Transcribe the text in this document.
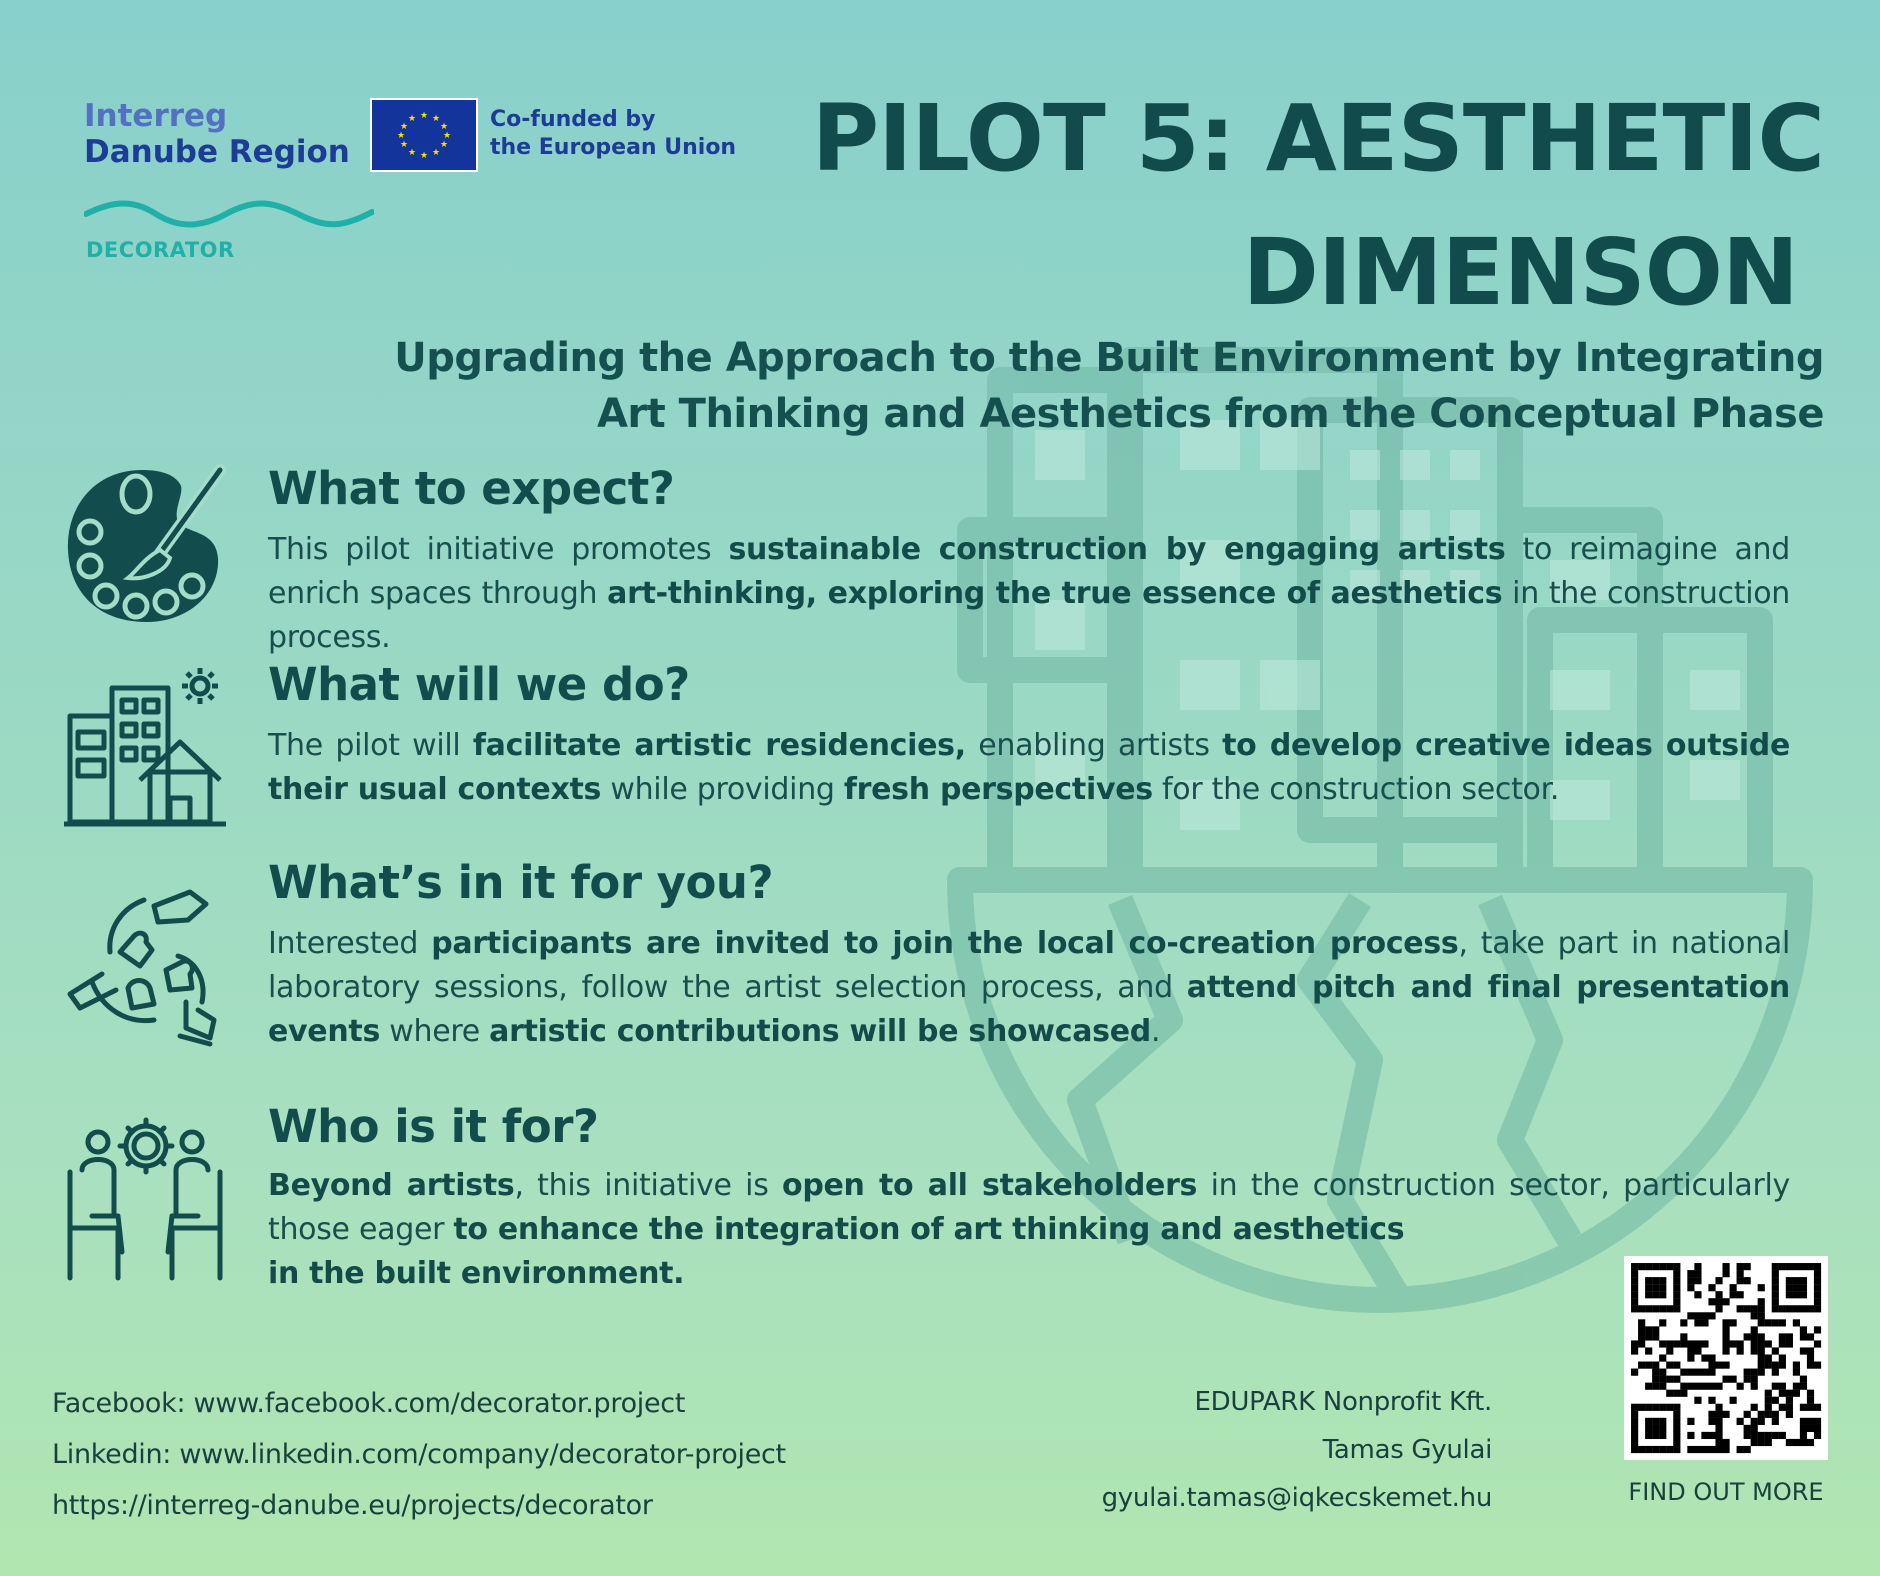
Interreg
Danube Region
★ ★
★
★
★
★
★
★
★
★
★
★	Co-funded by
the European Union
DECORATOR
PILOT 5: AESTHETIC
DIMENSON
Upgrading the Approach to the Built Environment by Integrating
Art Thinking and Aesthetics from the Conceptual Phase
What to expect?
This pilot initiative promotes sustainable construction by engaging artists to reimagine and enrich spaces through art-thinking, exploring the true essence of aesthetics in the construction process.
What will we do?
The pilot will facilitate artistic residencies, enabling artists to develop creative ideas outside their usual contexts while providing fresh perspectives for the construction sector.
What’s in it for you?
Interested participants are invited to join the local co-creation process, take part in national laboratory sessions, follow the artist selection process, and attend pitch and final presentation events where artistic contributions will be showcased.
Who is it for?
Beyond artists, this initiative is open to all stakeholders in the construction sector, particularly those eager to enhance the integration of art thinking and aesthetics
in the built environment.
Facebook: www.facebook.com/decorator.project
Linkedin: www.linkedin.com/company/decorator-project
https://interreg-danube.eu/projects/decorator
EDUPARK Nonprofit Kft.
Tamas Gyulai
gyulai.tamas@iqkecskemet.hu	FIND OUT MORE
